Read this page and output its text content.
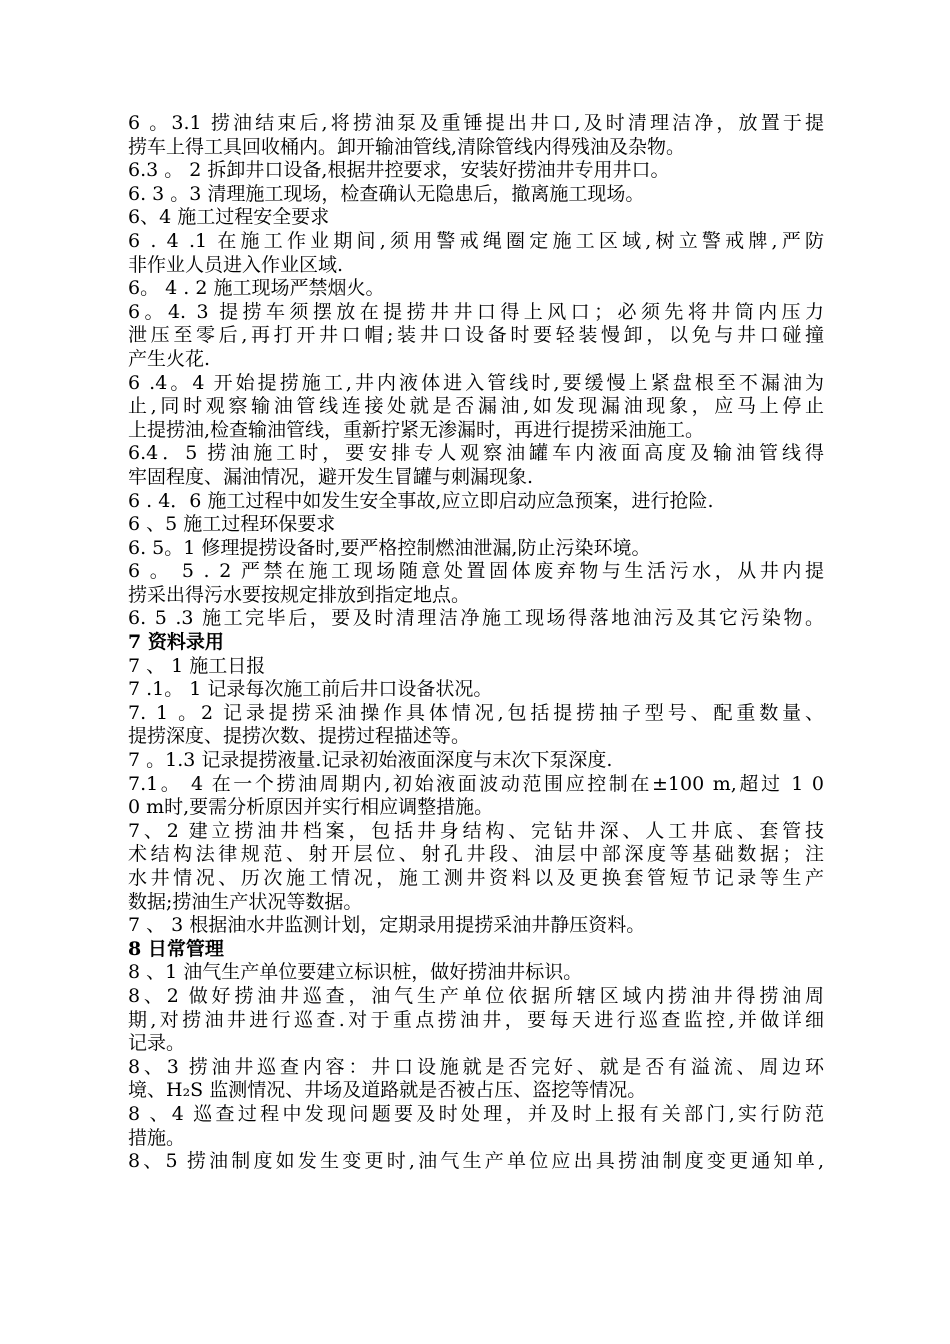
6 。3.1 捞油结束后,将捞油泵及重锤提出井口,及时清理洁净，放置于提
捞车上得工具回收桶内。卸开输油管线,清除管线内得残油及杂物。
6.3 。 2 拆卸井口设备,根据井控要求，安装好捞油井专用井口。
6. 3 。3 清理施工现场，检查确认无隐患后，撤离施工现场。
6、4 施工过程安全要求
6 . 4 .1 在施工作业期间,须用警戒绳圈定施工区域,树立警戒牌,严防
非作业人员进入作业区域.
6。 4 . 2 施工现场严禁烟火。
6。4. 3 提捞车须摆放在提捞井井口得上风口；必须先将井筒内压力
泄压至零后,再打开井口帽;装井口设备时要轻装慢卸，以免与井口碰撞
产生火花.
6 .4。4 开始提捞施工,井内液体进入管线时,要缓慢上紧盘根至不漏油为
止,同时观察输油管线连接处就是否漏油,如发现漏油现象，应马上停止
上提捞油,检查输油管线，重新拧紧无渗漏时，再进行提捞采油施工。
6.4．5 捞油施工时，要安排专人观察油罐车内液面高度及输油管线得
牢固程度、漏油情况，避开发生冒罐与刺漏现象.
6 . 4．6 施工过程中如发生安全事故,应立即启动应急预案，进行抢险.
6 、5 施工过程环保要求
6. 5。1 修理提捞设备时,要严格控制燃油泄漏,防止污染环境。
6 。 5 . 2 严禁在施工现场随意处置固体废弃物与生活污水，从井内提
捞采出得污水要按规定排放到指定地点。
6. 5 .3 施工完毕后，要及时清理洁净施工现场得落地油污及其它污染物。
7 资料录用
7 、 1 施工日报
7 .1。 1 记录每次施工前后井口设备状况。
7. 1 。2 记录提捞采油操作具体情况,包括提捞抽子型号、配重数量、
提捞深度、提捞次数、提捞过程描述等。
7 。1.3 记录提捞液量.记录初始液面深度与末次下泵深度.
7.1。 4 在一个捞油周期内,初始液面波动范围应控制在±100 m,超过 1 0
0 m时,要需分析原因并实行相应调整措施。
7、2 建立捞油井档案，包括井身结构、完钻井深、人工井底、套管技
术结构法律规范、射开层位、射孔井段、油层中部深度等基础数据；注
水井情况、历次施工情况，施工测井资料以及更换套管短节记录等生产
数据;捞油生产状况等数据。
7 、 3 根据油水井监测计划，定期录用提捞采油井静压资料。
8 日常管理
8 、1 油气生产单位要建立标识桩，做好捞油井标识。
8、2 做好捞油井巡查，油气生产单位依据所辖区域内捞油井得捞油周
期,对捞油井进行巡查.对于重点捞油井，要每天进行巡查监控,并做详细
记录。
8、3 捞油井巡查内容：井口设施就是否完好、就是否有溢流、周边环
境、H₂S 监测情况、井场及道路就是否被占压、盗挖等情况。
8 、4 巡查过程中发现问题要及时处理，并及时上报有关部门,实行防范
措施。
8、5 捞油制度如发生变更时,油气生产单位应出具捞油制度变更通知单,
